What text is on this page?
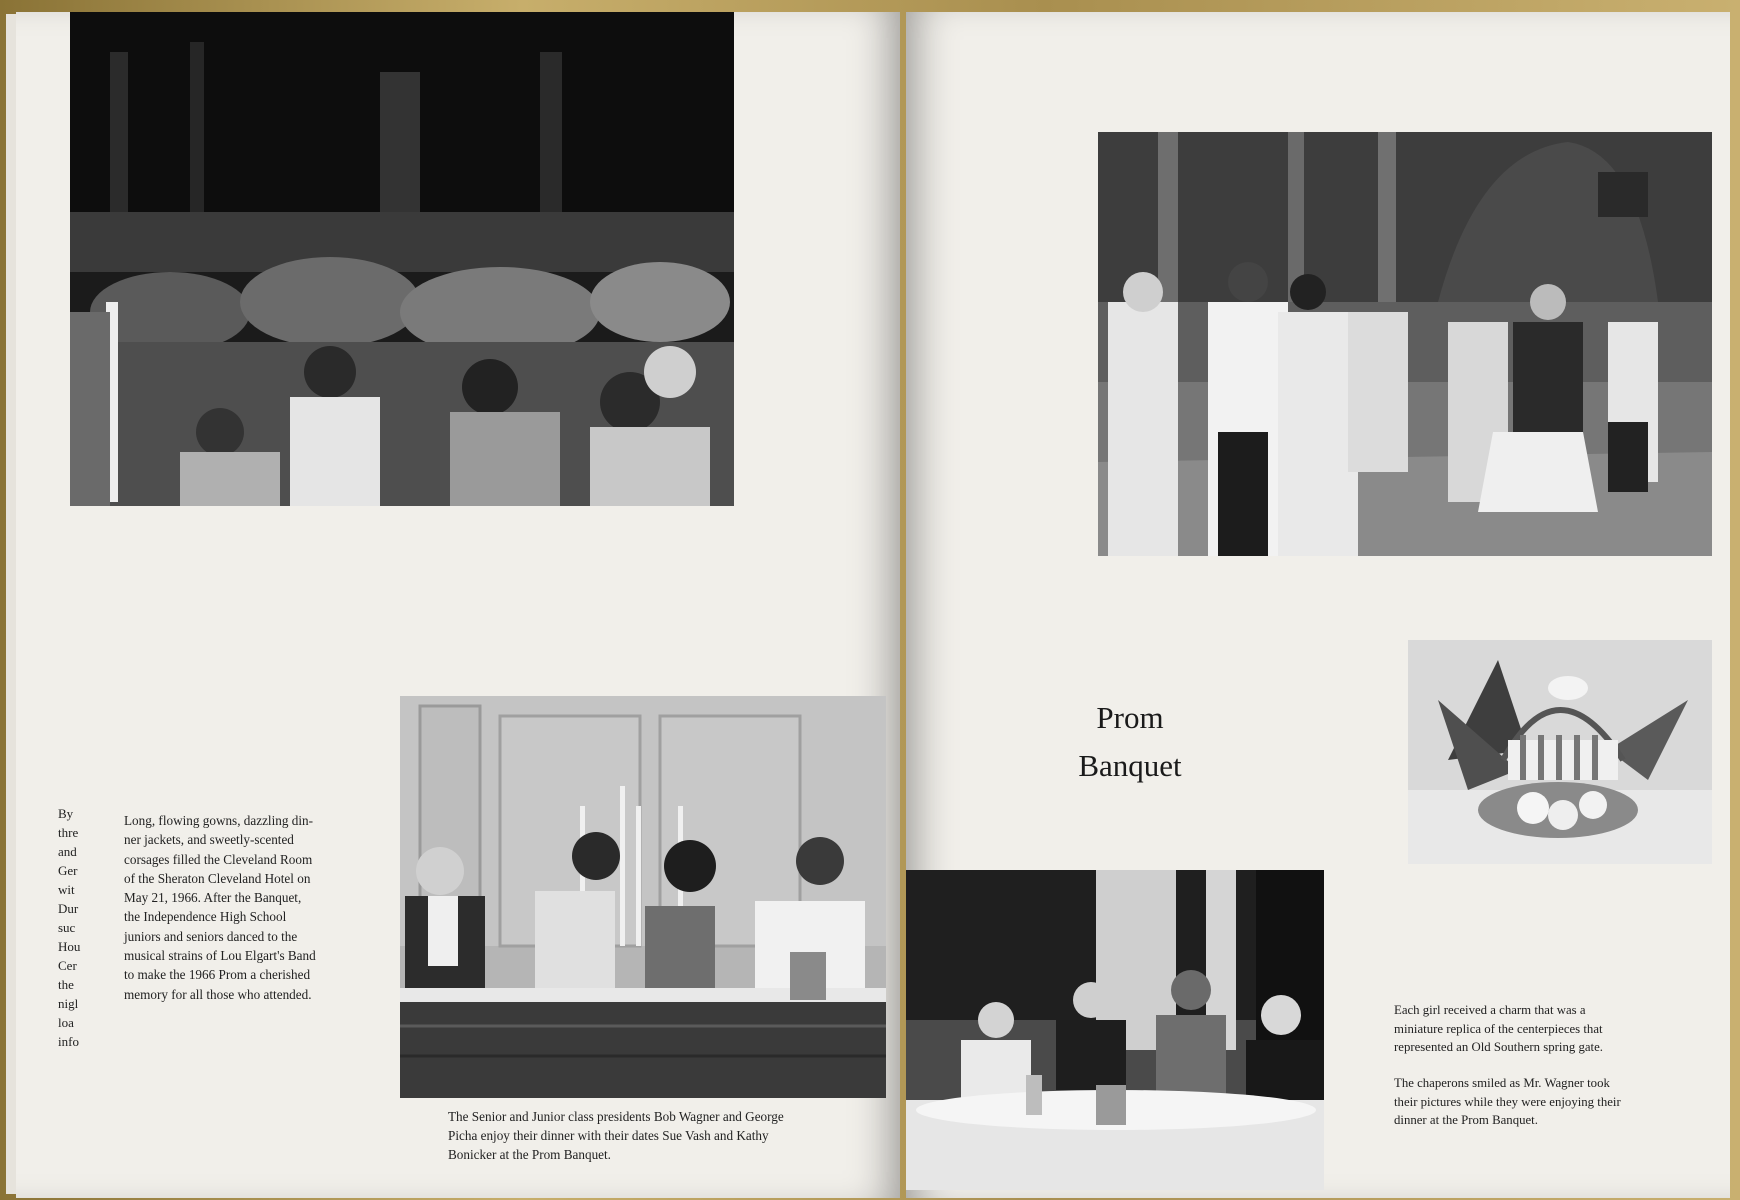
By
thre
and
Ger
wit
Dur
suc
Hou
Cer
the
nigl
loa
info
Long, flowing gowns, dazzling din-
ner jackets, and sweetly-scented
corsages filled the Cleveland Room
of the Sheraton Cleveland Hotel on
May 21, 1966. After the Banquet,
the Independence High School
juniors and seniors danced to the
musical strains of Lou Elgart's Band
to make the 1966 Prom a cherished
memory for all those who attended.
The Senior and Junior class presidents Bob Wagner and George
Picha enjoy their dinner with their dates Sue Vash and Kathy
Bonicker at the Prom Banquet.
Prom
Banquet
Each girl received a charm that was a
miniature replica of the centerpieces that
represented an Old Southern spring gate.
The chaperons smiled as Mr. Wagner took
their pictures while they were enjoying their
dinner at the Prom Banquet.
